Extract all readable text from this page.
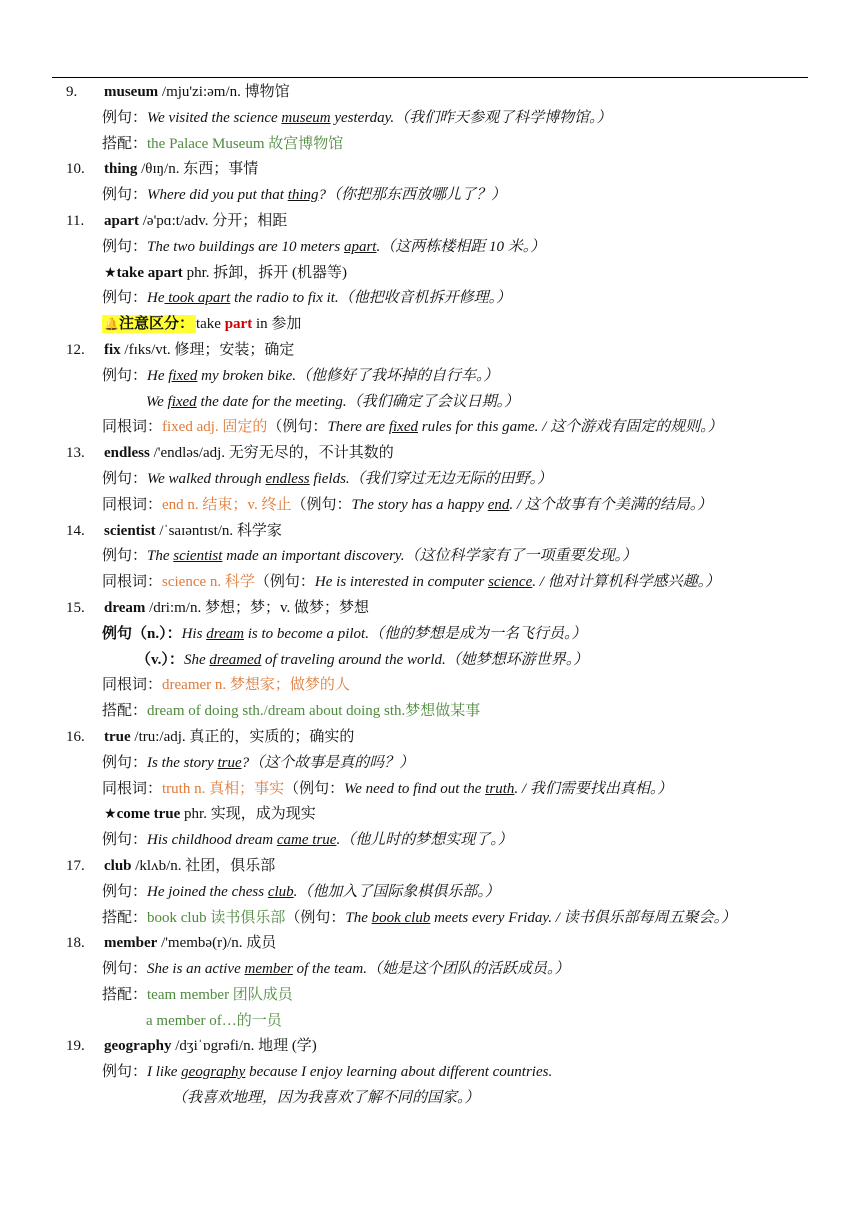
9. museum /mju'zi:əm/n. 博物馆
例句：We visited the science museum yesterday.（我们昨天参观了科学博物馆。）
搭配：the Palace Museum 故宫博物馆
10. thing /θɪŋ/n. 东西；事情
例句：Where did you put that thing?（你把那东西放哪儿了？）
11. apart /ə'pɑ:t/adv. 分开；相距
例句：The two buildings are 10 meters apart.（这两栋楼相距 10 米。）
★take apart phr. 拆卸，拆开 (机器等)
例句：He took apart the radio to fix it.（他把收音机拆开修理。）
🔔注意区分： take part in 参加
12. fix /fɪks/vt. 修理；安装；确定
例句：He fixed my broken bike.（他修好了我坏掉的自行车。）
We fixed the date for the meeting.（我们确定了会议日期。）
同根词：fixed adj. 固定的（例句：There are fixed rules for this game. / 这个游戏有固定的规则。）
13. endless /'endləs/adj. 无穷无尽的，不计其数的
例句：We walked through endless fields.（我们穿过无边无际的田野。）
同根词：end n. 结束；v. 终止（例句：The story has a happy end. / 这个故事有个美满的结局。）
14. scientist /ˈsaɪəntɪst/n. 科学家
例句：The scientist made an important discovery.（这位科学家有了一项重要发现。）
同根词：science n. 科学（例句：He is interested in computer science. / 他对计算机科学感兴趣。）
15. dream /dri:m/n. 梦想；梦；v. 做梦；梦想
例句（n.）：His dream is to become a pilot.（他的梦想是成为一名飞行员。）
（v.）：She dreamed of traveling around the world.（她梦想环游世界。）
同根词：dreamer n. 梦想家；做梦的人
搭配：dream of doing sth./dream about doing sth.梦想做某事
16. true /tru:/adj. 真正的，实质的；确实的
例句：Is the story true?（这个故事是真的吗？）
同根词：truth n. 真相；事实（例句：We need to find out the truth. / 我们需要找出真相。）
★come true phr. 实现，成为现实
例句：His childhood dream came true.（他儿时的梦想实现了。）
17. club /klʌb/n. 社团，俱乐部
例句：He joined the chess club.（他加入了国际象棋俱乐部。）
搭配：book club 读书俱乐部（例句：The book club meets every Friday. / 读书俱乐部每周五聚会。）
18. member /'membə(r)/n. 成员
例句：She is an active member of the team.（她是这个团队的活跃成员。）
搭配：team member 团队成员
a member of…的一员
19. geography /dʒiˈɒgrəfi/n. 地理 (学)
例句：I like geography because I enjoy learning about different countries.
（我喜欢地理，因为我喜欢了解不同的国家。）
